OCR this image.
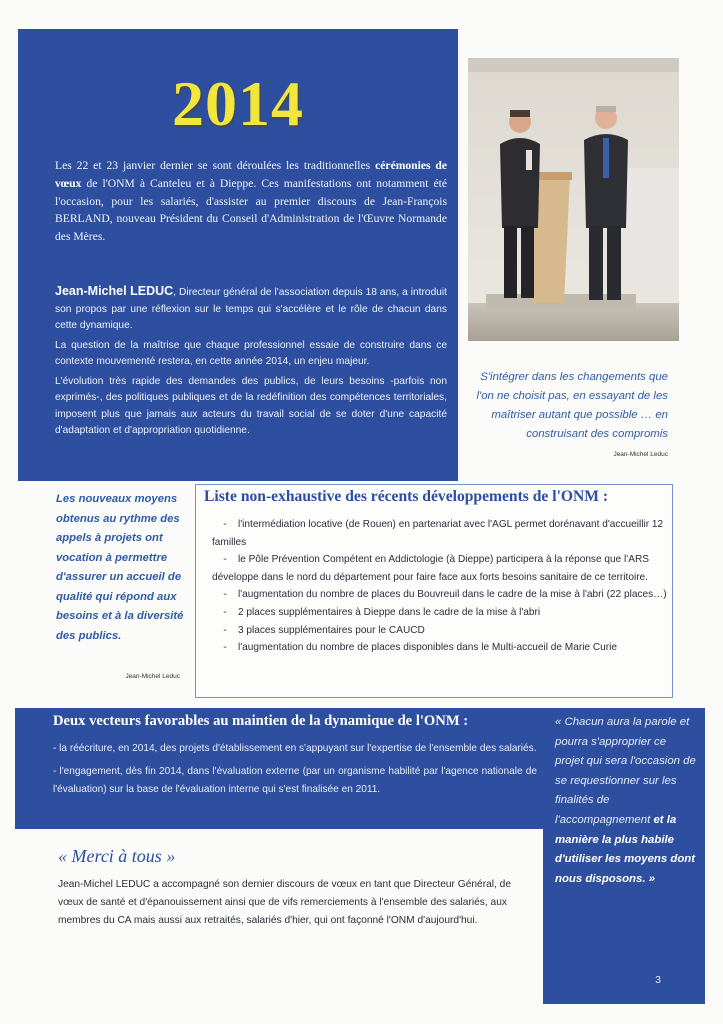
2014
Les 22 et 23 janvier dernier se sont déroulées les traditionnelles cérémonies de vœux de l'ONM à Canteleu et à Dieppe. Ces manifestations ont notamment été l'occasion, pour les salariés, d'assister au premier discours de Jean-François BERLAND, nouveau Président du Conseil d'Administration de l'Œuvre Normande des Mères.

Jean-Michel LEDUC, Directeur général de l'association depuis 18 ans, a introduit son propos par une réflexion sur le temps qui s'accélère et le rôle de chacun dans cette dynamique.

La question de la maîtrise que chaque professionnel essaie de construire dans ce contexte mouvementé restera, en cette année 2014, un enjeu majeur.

L'évolution très rapide des demandes des publics, de leurs besoins -parfois non exprimés-, des politiques publiques et de la redéfinition des compétences territoriales, imposent plus que jamais aux acteurs du travail social de se doter d'une capacité d'adaptation et d'appropriation quotidienne.

S'intégrer dans les changements que l'on ne choisit pas, en essayant de les maîtriser autant que possible … en construisant des compromis
Jean-Michel Leduc
Les nouveaux moyens obtenus au rythme des appels à projets ont vocation à permettre d'assurer un accueil de qualité qui répond aux besoins et à la diversité des publics.
Jean-Michel Leduc
Liste non-exhaustive des récents développements de l'ONM :
- l'intermédiation locative (de Rouen) en partenariat avec l'AGL permet dorénavant d'accueillir 12 familles
- le Pôle Prévention Compétent en Addictologie (à Dieppe) participera à la réponse que l'ARS développe dans le nord du département pour faire face aux forts besoins sanitaire de ce territoire.
- l'augmentation du nombre de places du Bouvreuil dans le cadre de la mise à l'abri (22 places…)
- 2 places supplémentaires à Dieppe dans le cadre de la mise à l'abri
- 3 places supplémentaires pour le CAUCD
- l'augmentation du nombre de places disponibles dans le Multi-accueil de Marie Curie
Deux vecteurs favorables au maintien de la dynamique de l'ONM :

- la réécriture, en 2014, des projets d'établissement en s'appuyant sur l'expertise de l'ensemble des salariés.

- l'engagement, dès fin 2014, dans l'évaluation externe (par un organisme habilité par l'agence nationale de l'évaluation) sur la base de l'évaluation interne qui s'est finalisée en 2011.

« Chacun aura la parole et pourra s'approprier ce projet qui sera l'occasion de se requestionner sur les finalités de l'accompagnement et la manière la plus habile d'utiliser les moyens dont nous disposons. »
3
« Merci à tous »
Jean-Michel LEDUC a accompagné son dernier discours de vœux en tant que Directeur Général, de vœux de santé et d'épanouissement ainsi que de vifs remerciements à l'ensemble des salariés, aux membres du CA mais aussi aux retraités, salariés d'hier, qui ont façonné l'ONM d'aujourd'hui.
